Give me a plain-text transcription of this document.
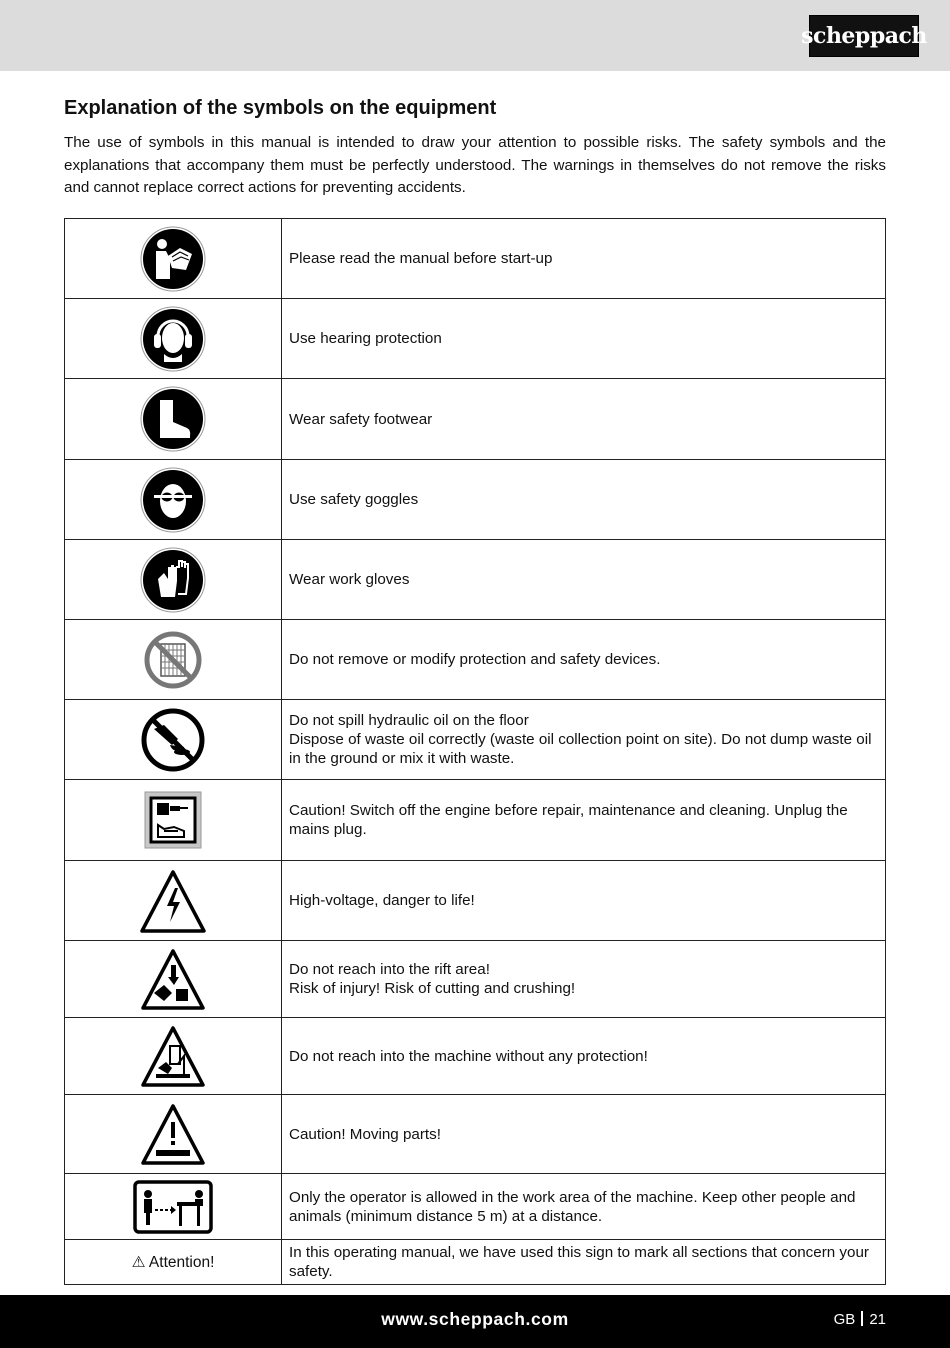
scheppach
Explanation of the symbols on the equipment

The use of symbols in this manual is intended to draw your attention to possible risks. The safety symbols and the explanations that accompany them must be perfectly understood. The warnings in themselves do not remove the risks and cannot replace correct actions for preventing accidents.

Please read the manual before start-up

Use hearing protection

Wear safety footwear

Use safety goggles

Wear work gloves

Do not remove or modify protection and safety devices.

Do not spill hydraulic oil on the floor
Dispose of waste oil correctly (waste oil collection point on site). Do not dump waste oil in the ground or mix it with waste.

Caution! Switch off the engine before repair, maintenance and cleaning. Unplug the mains plug.

High-voltage, danger to life!

Do not reach into the rift area!
Risk of injury! Risk of cutting and crushing!

Do not reach into the machine without any protection!

Caution! Moving parts!

Only the operator is allowed in the work area of the machine. Keep other people and animals (minimum distance 5 m) at a distance.

⚠ Attention!	In this operating manual, we have used this sign to mark all sections that concern your safety.
www.scheppach.com	GB 21
